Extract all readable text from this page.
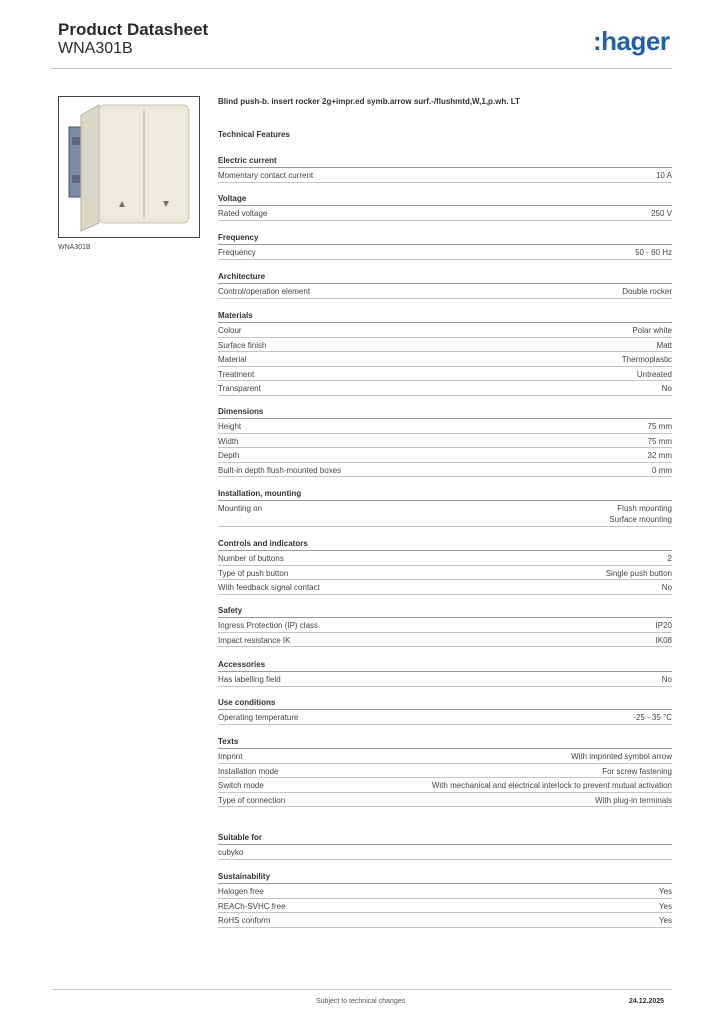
Product Datasheet
WNA301B	:hager
WNA301B
Blind push-b. insert rocker 2g+impr.ed symb.arrow surf.-/flushmtd,W,1,p.wh. LT
Technical Features
Electric current
Momentary contact current	10 A
Voltage
Rated voltage	250 V
Frequency
Frequency	50 - 60 Hz
Architecture
Control/operation element	Double rocker
Materials
Colour	Polar white
Surface finish	Matt
Material	Thermoplastic
Treatment	Untreated
Transparent	No
Dimensions
Height	75 mm
Width	75 mm
Depth	32 mm
Built-in depth flush-mounted boxes	0 mm
Installation, mounting
Mounting on	Flush mounting
Surface mounting
Controls and indicators
Number of buttons	2
Type of push button	Single push button
With feedback signal contact	No
Safety
Ingress Protection (IP) class	IP20
Impact resistance IK	IK08
Accessories
Has labelling field	No
Use conditions
Operating temperature	-25 - 35 °C
Texts
Imprint	With imprinted symbol arrow
Installation mode	For screw fastening
Switch mode	With mechanical and electrical interlock to prevent mutual activation
Type of connection	With plug-in terminals
Suitable for
cubyko
Sustainability
Halogen free	Yes
REACh-SVHC free	Yes
RoHS conform	Yes
Subject to technical changes	24.12.2025
